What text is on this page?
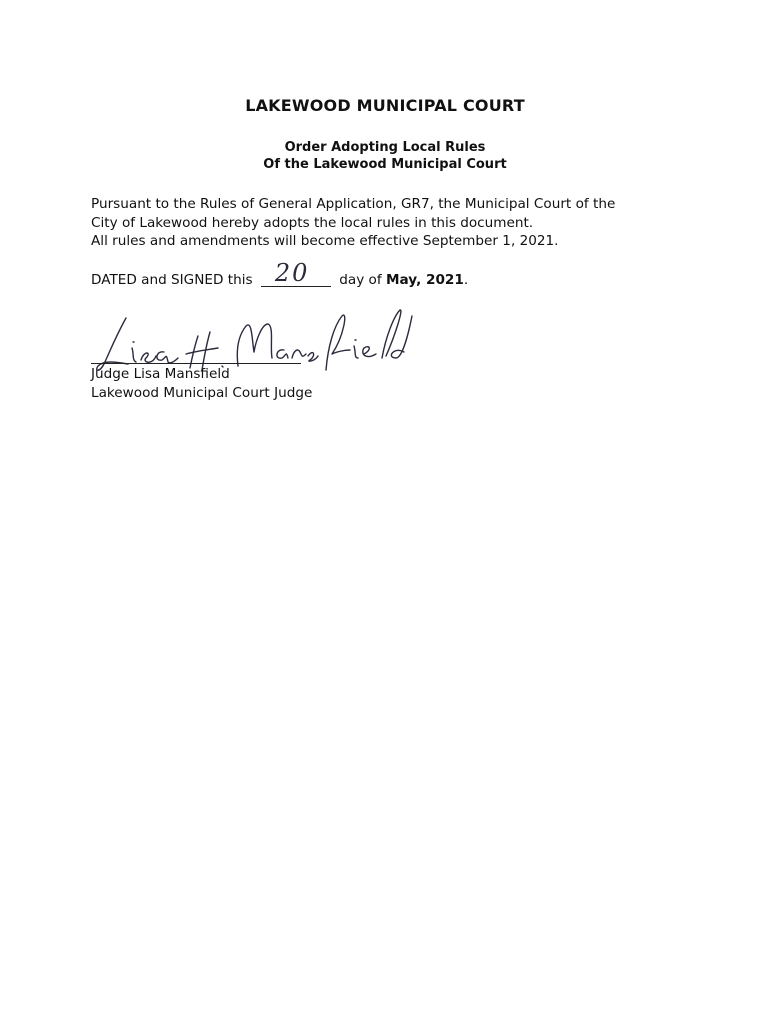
LAKEWOOD MUNICIPAL COURT
Order Adopting Local Rules
Of the Lakewood Municipal Court

Pursuant to the Rules of General Application, GR7, the Municipal Court of the
City of Lakewood hereby adopts the local rules in this document.
All rules and amendments will become effective September 1, 2021.

DATED and SIGNED this 20 day of May, 2021.
Judge Lisa Mansfield
Lakewood Municipal Court Judge
